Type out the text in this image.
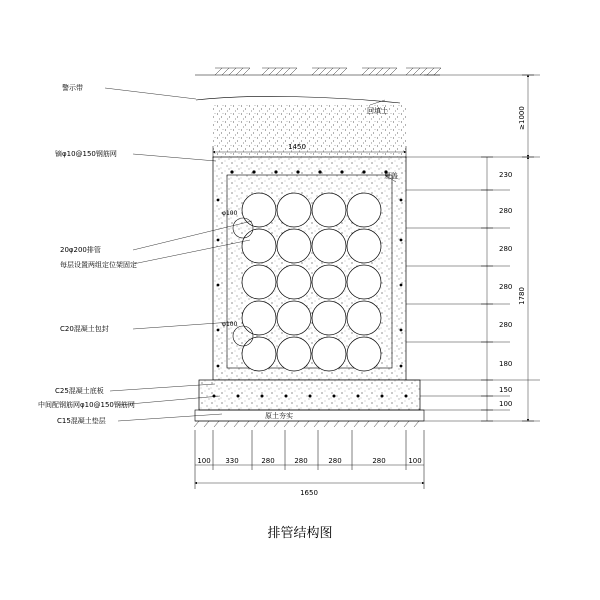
警示带
镝φ10@150钢筋网
20φ200排管
每层设置两组定位架固定
C20混凝土包封
C25混凝土底板
中间配钢筋网φ10@150钢筋网
C15混凝土垫层
回填土
夏盖
φ100
φ100
原土夯实
1450
100 330	280	280	280	280	100
1650
230
280
280
280
280
180
150
100
1780
≥1000
排管结构图
